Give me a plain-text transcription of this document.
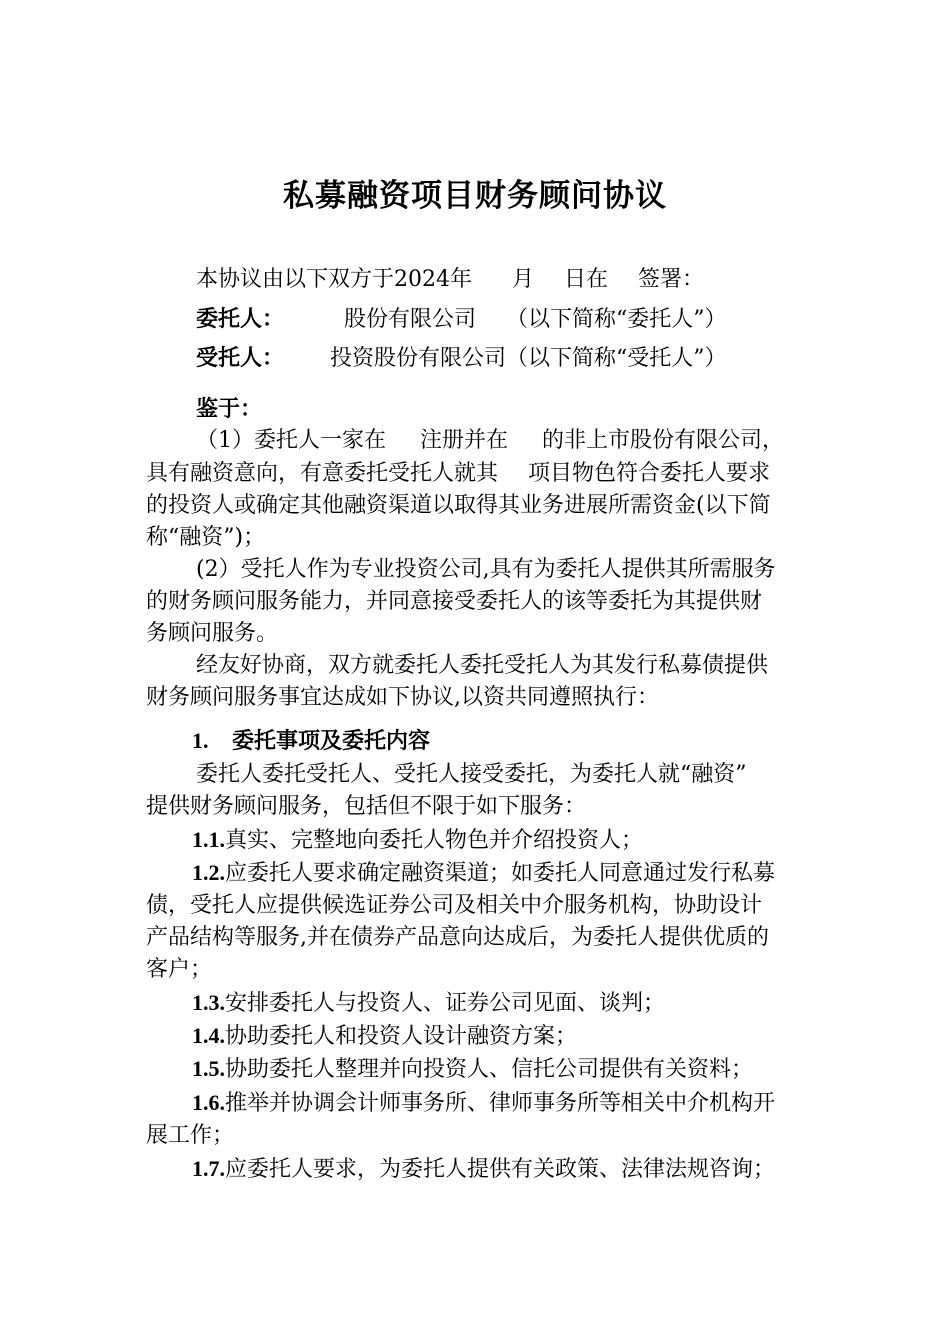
私募融资项目财务顾问协议
本协议由以下双方于2024年 月 日在 签署：
委托人：	股份有限公司 （以下简称“委托人”）
受托人： 投资股份有限公司（以下简称“受托人”）
鉴于：
（1）委托人一家在 注册并在 的非上市股份有限公司，
具有融资意向，有意委托受托人就其 项目物色符合委托人要求
的投资人或确定其他融资渠道以取得其业务进展所需资金(以下简
称“融资”)；
(2）受托人作为专业投资公司,具有为委托人提供其所需服务
的财务顾问服务能力，并同意接受委托人的该等委托为其提供财
务顾问服务。
经友好协商，双方就委托人委托受托人为其发行私募债提供
财务顾问服务事宜达成如下协议,以资共同遵照执行：
1. 委托事项及委托内容
委托人委托受托人、受托人接受委托，为委托人就“融资”
提供财务顾问服务，包括但不限于如下服务：
1.1.真实、完整地向委托人物色并介绍投资人；
1.2.应委托人要求确定融资渠道；如委托人同意通过发行私募
债，受托人应提供候选证券公司及相关中介服务机构，协助设计
产品结构等服务,并在债券产品意向达成后，为委托人提供优质的
客户；
1.3.安排委托人与投资人、证券公司见面、谈判；
1.4.协助委托人和投资人设计融资方案；
1.5.协助委托人整理并向投资人、信托公司提供有关资料；
1.6.推举并协调会计师事务所、律师事务所等相关中介机构开
展工作；
1.7.应委托人要求，为委托人提供有关政策、法律法规咨询；
